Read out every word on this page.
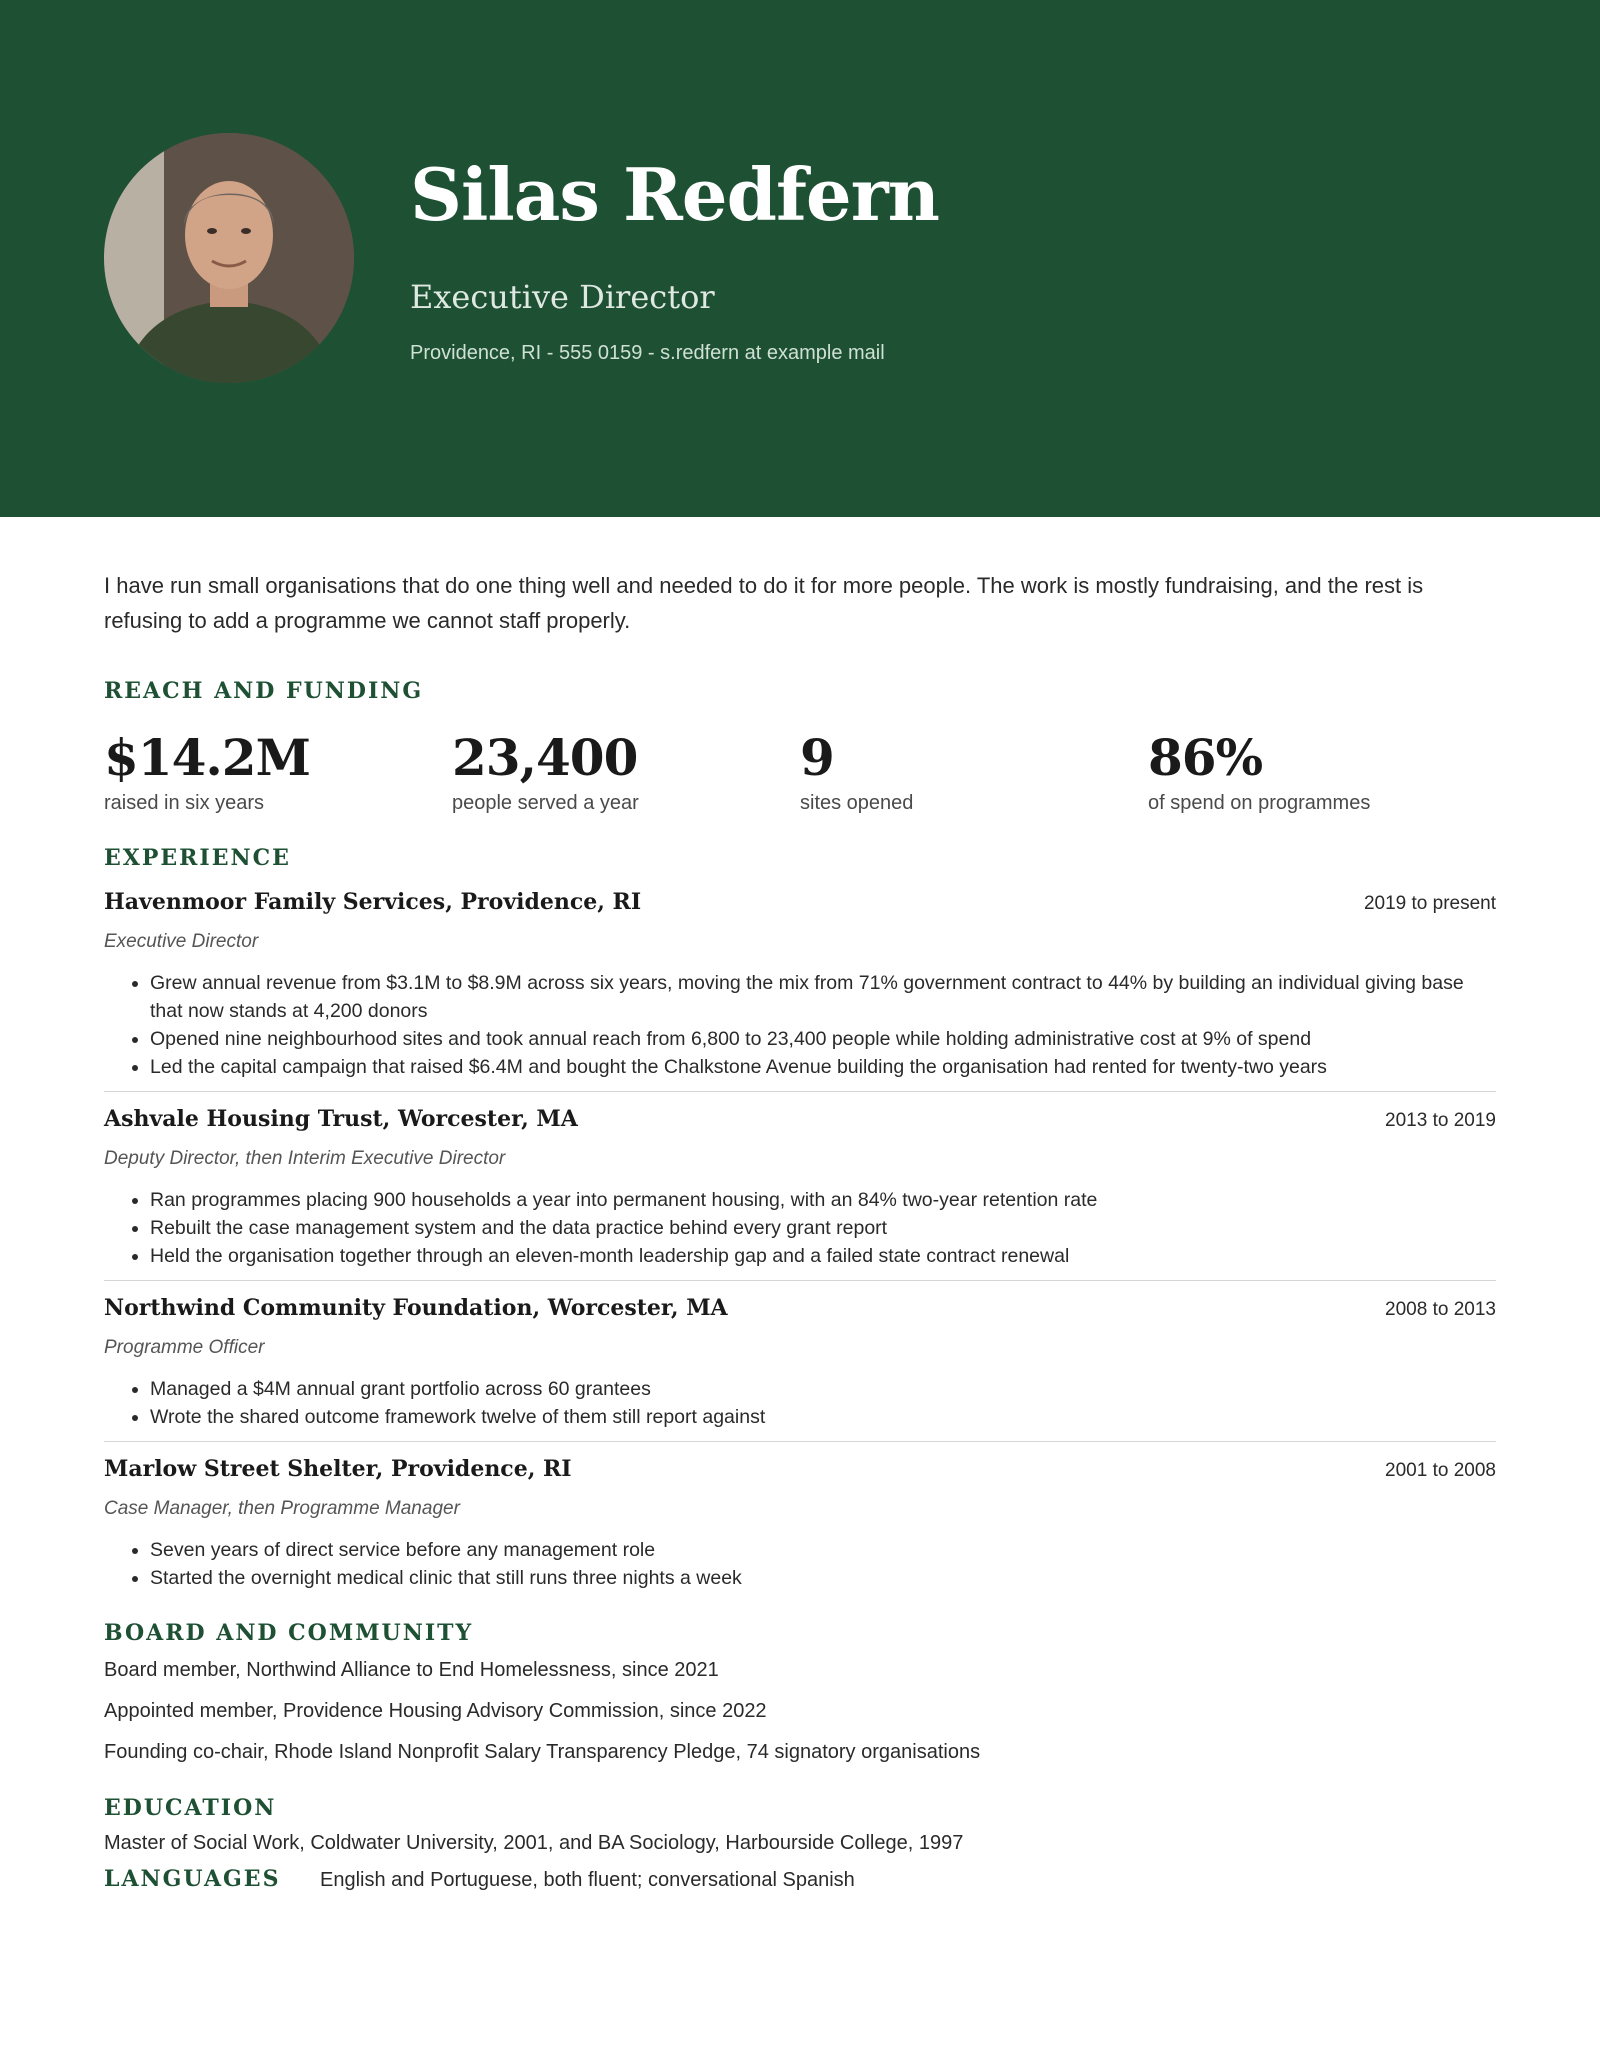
Silas Redfern
Executive Director
Providence, RI - 555 0159 - s.redfern at example mail

I have run small organisations that do one thing well and needed to do it for more people. The work is mostly fundraising, and the rest is refusing to add a programme we cannot staff properly.

REACH AND FUNDING
$14.2M
raised in six years
23,400
people served a year
9
sites opened
86%
of spend on programmes
EXPERIENCE
Havenmoor Family Services, Providence, RI	2019 to present
Executive Director
Grew annual revenue from $3.1M to $8.9M across six years, moving the mix from 71% government contract to 44% by building an individual giving base that now stands at 4,200 donors
Opened nine neighbourhood sites and took annual reach from 6,800 to 23,400 people while holding administrative cost at 9% of spend
Led the capital campaign that raised $6.4M and bought the Chalkstone Avenue building the organisation had rented for twenty-two years
Ashvale Housing Trust, Worcester, MA	2013 to 2019
Deputy Director, then Interim Executive Director
Ran programmes placing 900 households a year into permanent housing, with an 84% two-year retention rate
Rebuilt the case management system and the data practice behind every grant report
Held the organisation together through an eleven-month leadership gap and a failed state contract renewal
Northwind Community Foundation, Worcester, MA	2008 to 2013
Programme Officer
Managed a $4M annual grant portfolio across 60 grantees
Wrote the shared outcome framework twelve of them still report against
Marlow Street Shelter, Providence, RI	2001 to 2008
Case Manager, then Programme Manager
Seven years of direct service before any management role
Started the overnight medical clinic that still runs three nights a week
BOARD AND COMMUNITY
Board member, Northwind Alliance to End Homelessness, since 2021
Appointed member, Providence Housing Advisory Commission, since 2022
Founding co-chair, Rhode Island Nonprofit Salary Transparency Pledge, 74 signatory organisations
EDUCATION
Master of Social Work, Coldwater University, 2001, and BA Sociology, Harbourside College, 1997
LANGUAGES	English and Portuguese, both fluent; conversational Spanish
